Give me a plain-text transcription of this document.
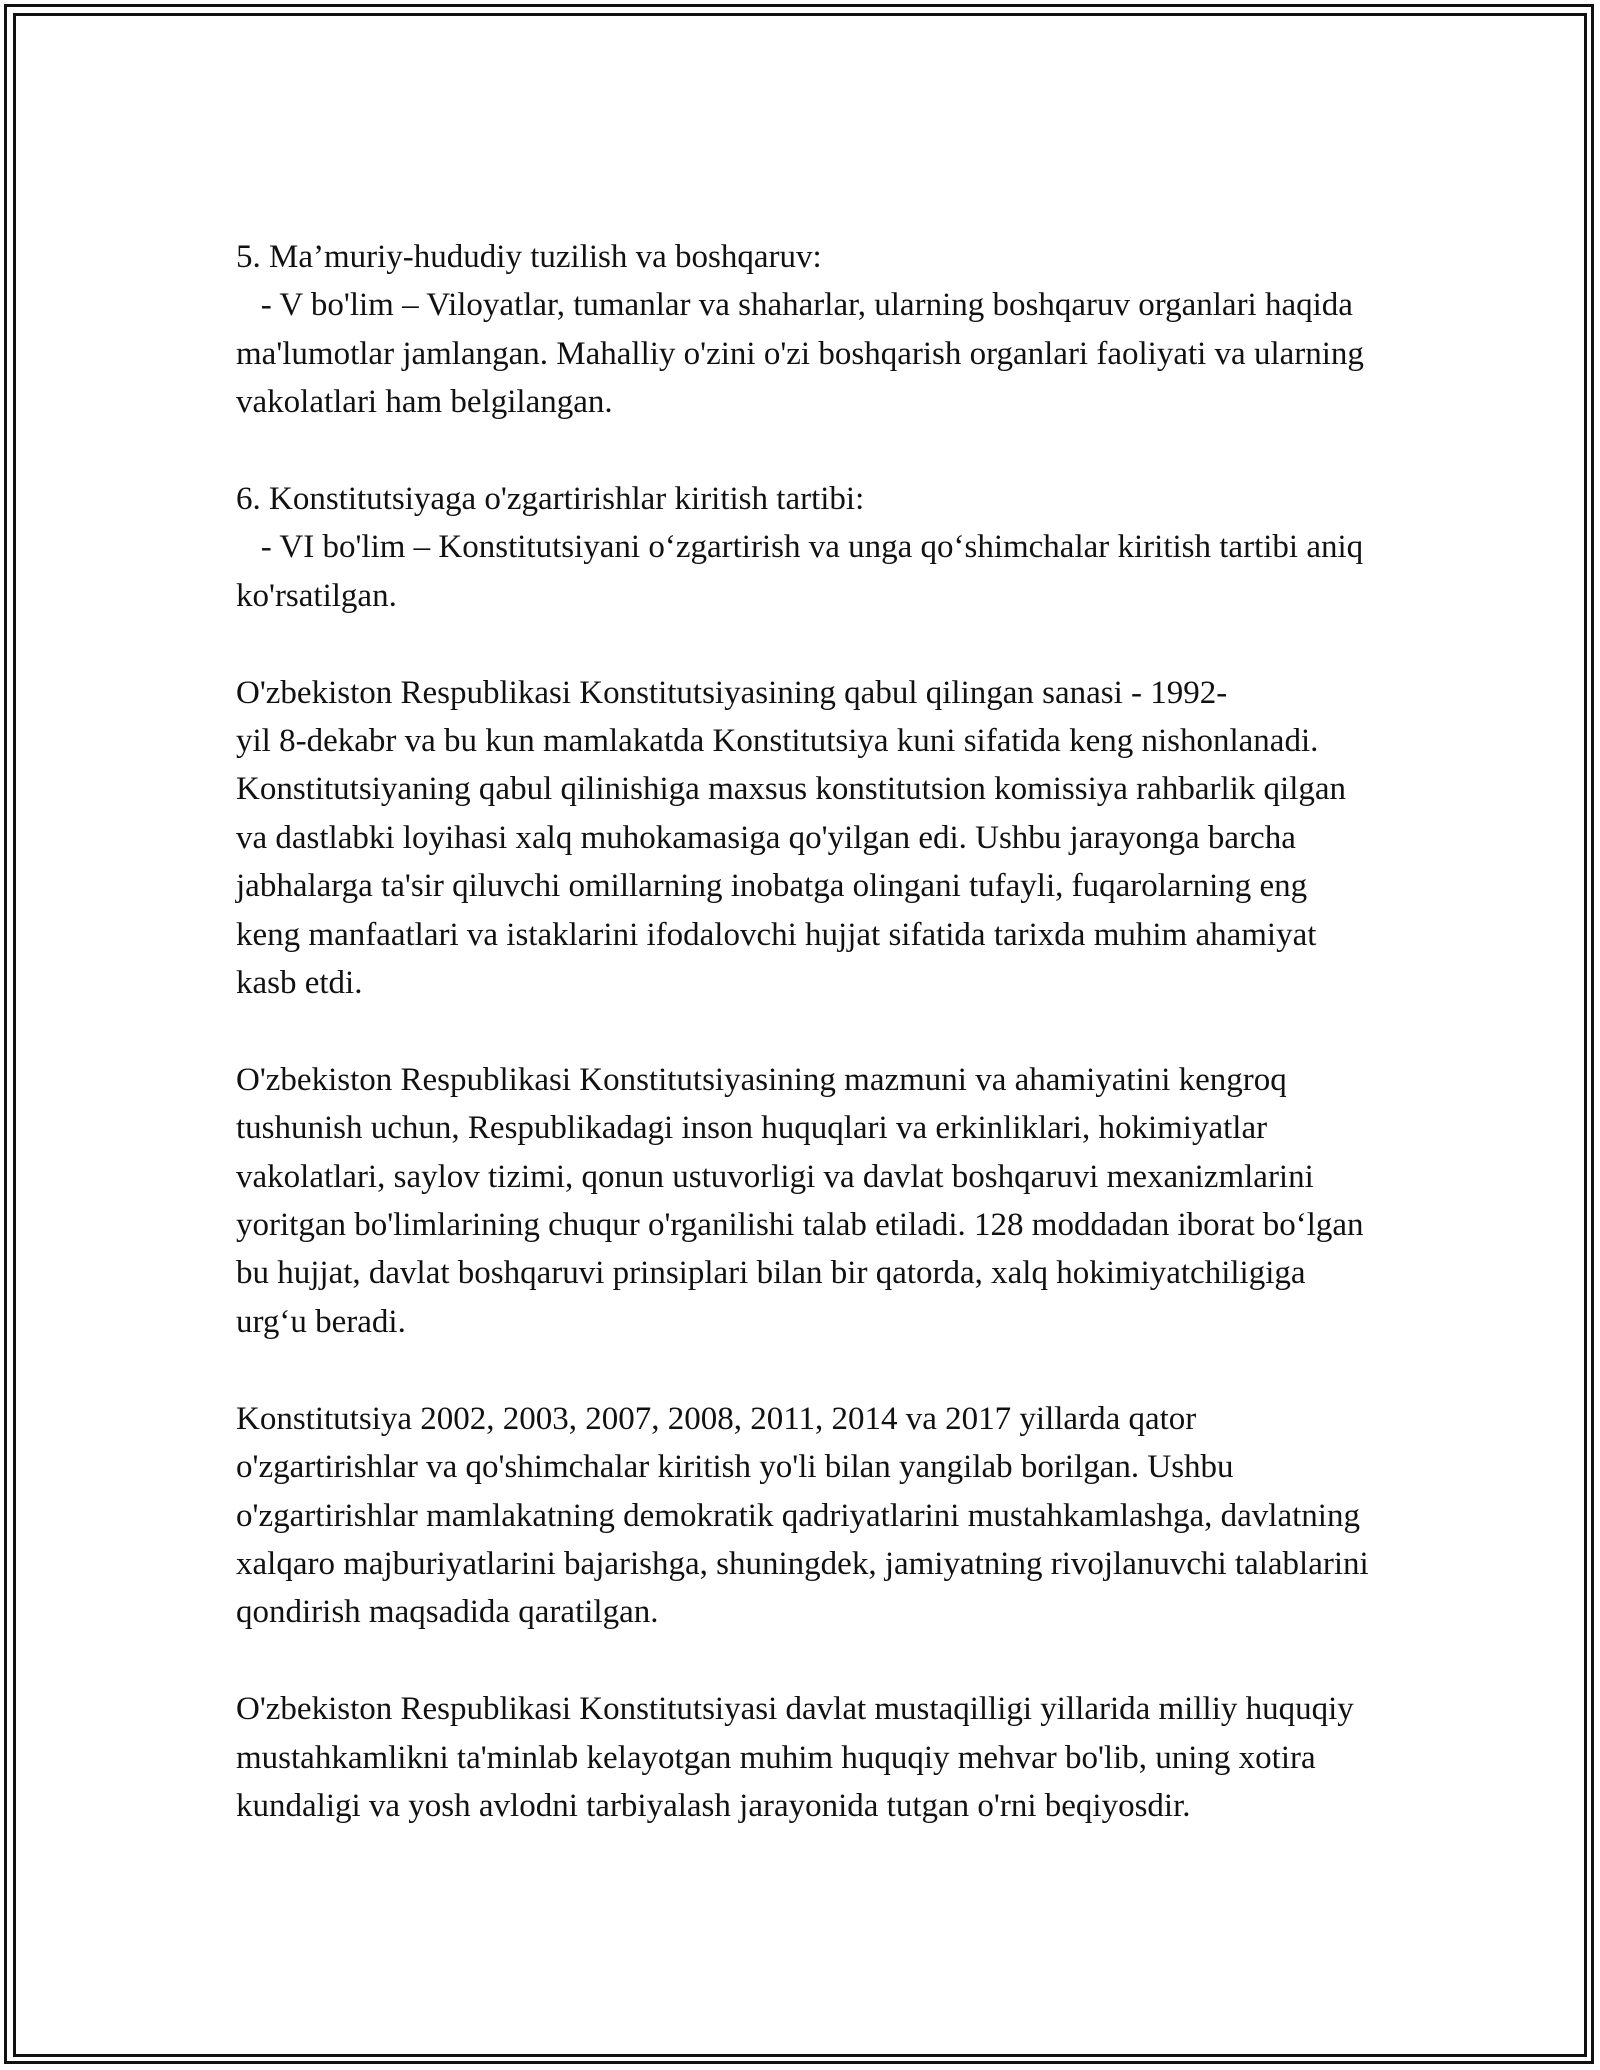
5. Ma’muriy-hududiy tuzilish va boshqaruv:
- V bo'lim – Viloyatlar, tumanlar va shaharlar, ularning boshqaruv organlari haqida ma'lumotlar jamlangan. Mahalliy o'zini o'zi boshqarish organlari faoliyati va ularning vakolatlari ham belgilangan.
6. Konstitutsiyaga o'zgartirishlar kiritish tartibi:
- VI bo'lim – Konstitutsiyani o‘zgartirish va unga qo‘shimchalar kiritish tartibi aniq ko'rsatilgan.

O'zbekiston Respublikasi Konstitutsiyasining qabul qilingan sanasi - 1992-
yil 8-dekabr va bu kun mamlakatda Konstitutsiya kuni sifatida keng nishonlanadi. Konstitutsiyaning qabul qilinishiga maxsus konstitutsion komissiya rahbarlik qilgan va dastlabki loyihasi xalq muhokamasiga qo'yilgan edi. Ushbu jarayonga barcha jabhalarga ta'sir qiluvchi omillarning inobatga olingani tufayli, fuqarolarning eng keng manfaatlari va istaklarini ifodalovchi hujjat sifatida tarixda muhim ahamiyat kasb etdi.

O'zbekiston Respublikasi Konstitutsiyasining mazmuni va ahamiyatini kengroq tushunish uchun, Respublikadagi inson huquqlari va erkinliklari, hokimiyatlar vakolatlari, saylov tizimi, qonun ustuvorligi va davlat boshqaruvi mexanizmlarini yoritgan bo'limlarining chuqur o'rganilishi talab etiladi. 128 moddadan iborat bo‘lgan bu hujjat, davlat boshqaruvi prinsiplari bilan bir qatorda, xalq hokimiyatchiligiga urg‘u beradi.

Konstitutsiya 2002, 2003, 2007, 2008, 2011, 2014 va 2017 yillarda qator o'zgartirishlar va qo'shimchalar kiritish yo'li bilan yangilab borilgan. Ushbu o'zgartirishlar mamlakatning demokratik qadriyatlarini mustahkamlashga, davlatning xalqaro majburiyatlarini bajarishga, shuningdek, jamiyatning rivojlanuvchi talablarini qondirish maqsadida qaratilgan.

O'zbekiston Respublikasi Konstitutsiyasi davlat mustaqilligi yillarida milliy huquqiy mustahkamlikni ta'minlab kelayotgan muhim huquqiy mehvar bo'lib, uning xotira kundaligi va yosh avlodni tarbiyalash jarayonida tutgan o'rni beqiyosdir.
